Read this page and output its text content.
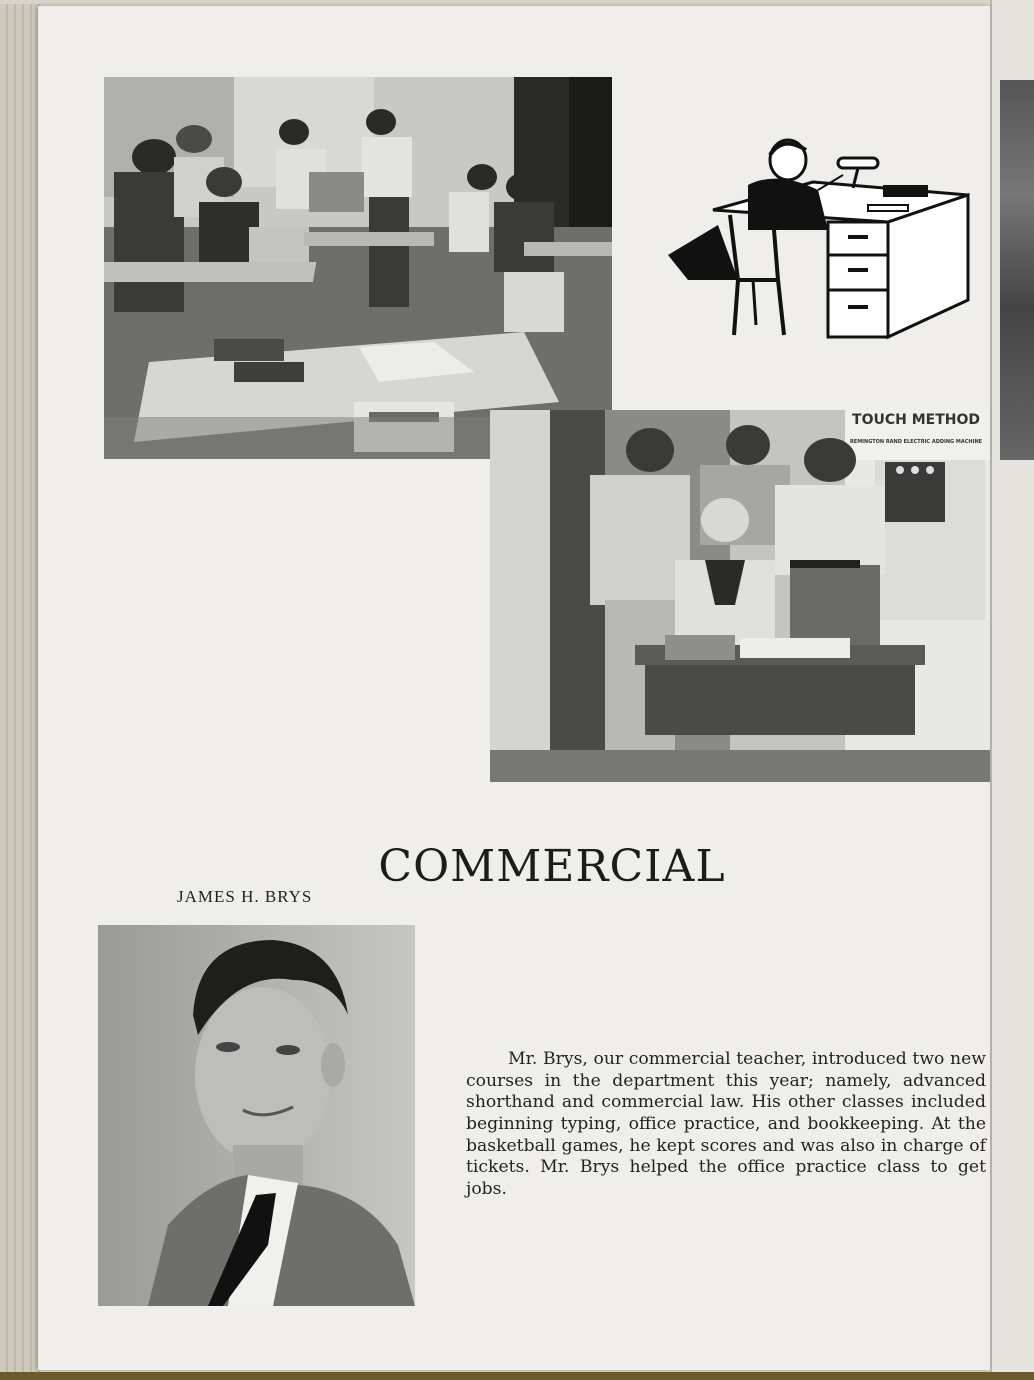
TOUCH METHOD
REMINGTON RAND ELECTRIC ADDING MACHINE
COMMERCIAL
JAMES H. BRYS

Mr. Brys, our commercial teacher, introduced two new courses in the department this year; namely, advanced shorthand and commercial law. His other classes included beginning typing, office practice, and bookkeeping. At the basketball games, he kept scores and was also in charge of tickets. Mr. Brys helped the office practice class to get jobs.
